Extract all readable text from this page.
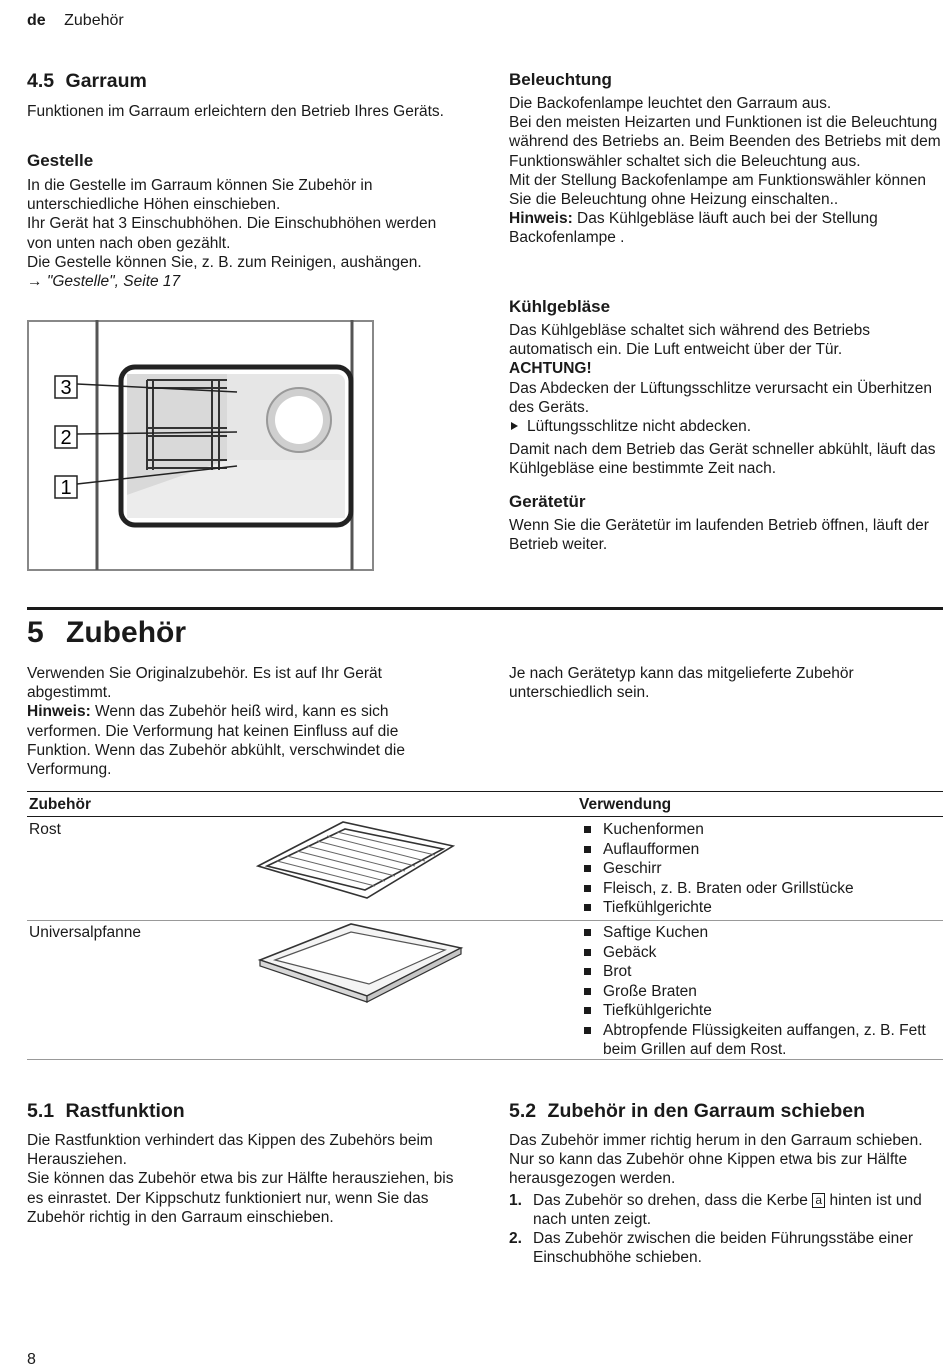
de Zubehör
4.5 Garraum
Funktionen im Garraum erleichtern den Betrieb Ihres Geräts.
Gestelle

In die Gestelle im Garraum können Sie Zubehör in unterschiedliche Höhen einschieben.

Ihr Gerät hat 3 Einschubhöhen. Die Einschubhöhen werden von unten nach oben gezählt.

Die Gestelle können Sie, z. B. zum Reinigen, aushängen.

→ "Gestelle", Seite 17

3
2
1
Beleuchtung

Die Backofenlampe leuchtet den Garraum aus.

Bei den meisten Heizarten und Funktionen ist die Beleuchtung während des Betriebs an. Beim Beenden des Betriebs mit dem Funktionswähler schaltet sich die Beleuchtung aus.

Mit der Stellung Backofenlampe am Funktionswähler können Sie die Beleuchtung ohne Heizung einschalten..

Hinweis: Das Kühlgebläse läuft auch bei der Stellung Backofenlampe .

Kühlgebläse

Das Kühlgebläse schaltet sich während des Betriebs automatisch ein. Die Luft entweicht über der Tür.

ACHTUNG!

Das Abdecken der Lüftungsschlitze verursacht ein Überhitzen des Geräts.

Lüftungsschlitze nicht abdecken.

Damit nach dem Betrieb das Gerät schneller abkühlt, läuft das Kühlgebläse eine bestimmte Zeit nach.

Gerätetür
Wenn Sie die Gerätetür im laufenden Betrieb öffnen, läuft der Betrieb weiter.
5 Zubehör

Verwenden Sie Originalzubehör. Es ist auf Ihr Gerät abgestimmt.

Hinweis: Wenn das Zubehör heiß wird, kann es sich verformen. Die Verformung hat keinen Einfluss auf die Funktion. Wenn das Zubehör abkühlt, verschwindet die Verformung.

Je nach Gerätetyp kann das mitgelieferte Zubehör unterschiedlich sein.
Zubehör	Verwendung
Rost	Kuchenformen
Auflaufformen
Geschirr
Fleisch, z. B. Braten oder Grillstücke
Tiefkühlgerichte
Universalpfanne	Saftige Kuchen
Gebäck
Brot
Große Braten
Tiefkühlgerichte
Abtropfende Flüssigkeiten auffangen, z. B. Fett beim Grillen auf dem Rost.
5.1 Rastfunktion

Die Rastfunktion verhindert das Kippen des Zubehörs beim Herausziehen.

Sie können das Zubehör etwa bis zur Hälfte herausziehen, bis es einrastet. Der Kippschutz funktioniert nur, wenn Sie das Zubehör richtig in den Garraum einschieben.

5.2 Zubehör in den Garraum schieben

Das Zubehör immer richtig herum in den Garraum schieben. Nur so kann das Zubehör ohne Kippen etwa bis zur Hälfte herausgezogen werden.

1. Das Zubehör so drehen, dass die Kerbe a hinten ist und nach unten zeigt.
2. Das Zubehör zwischen die beiden Führungsstäbe einer Einschubhöhe schieben.
8
